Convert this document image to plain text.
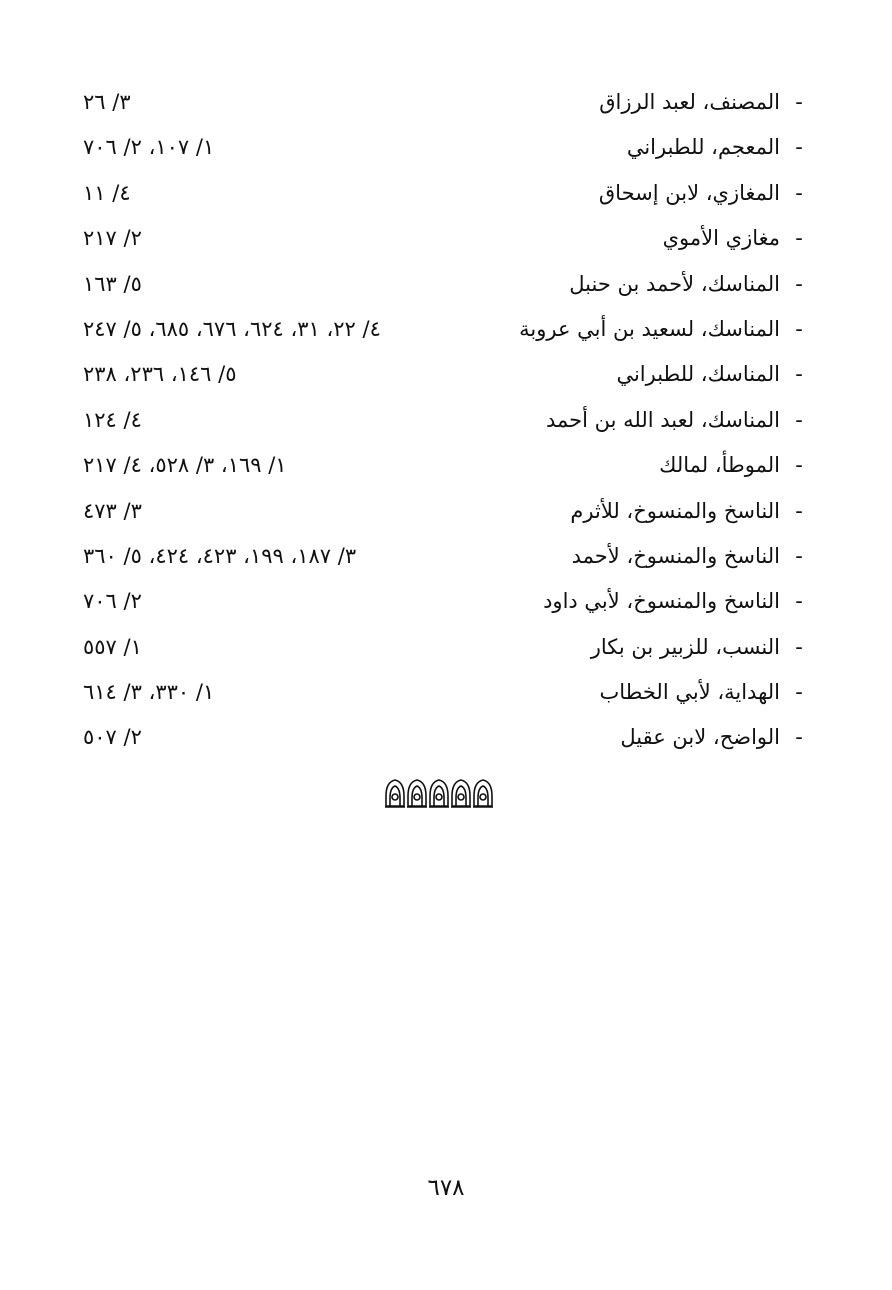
-
المصنف، لعبد الرزاق
٣/ ٢٦
-
المعجم، للطبراني
١/ ١٠٧، ٢/ ٧٠٦
-
المغازي، لابن إسحاق
٤/ ١١
-
مغازي الأموي
٢/ ٢١٧
-
المناسك، لأحمد بن حنبل
٥/ ١٦٣
-
المناسك، لسعيد بن أبي عروبة
٤/ ٢٢، ٣١، ٦٢٤، ٦٧٦، ٦٨٥، ٥/ ٢٤٧
-
المناسك، للطبراني
٥/ ١٤٦، ٢٣٦، ٢٣٨
-
المناسك، لعبد الله بن أحمد
٤/ ١٢٤
-
الموطأ، لمالك
١/ ١٦٩، ٣/ ٥٢٨، ٤/ ٢١٧
-
الناسخ والمنسوخ، للأثرم
٣/ ٤٧٣
-
الناسخ والمنسوخ، لأحمد
٣/ ١٨٧، ١٩٩، ٤٢٣، ٤٢٤، ٥/ ٣٦٠
-
الناسخ والمنسوخ، لأبي داود
٢/ ٧٠٦
-
النسب، للزبير بن بكار
١/ ٥٥٧
-
الهداية، لأبي الخطاب
١/ ٣٣٠، ٣/ ٦١٤
-
الواضح، لابن عقيل
٢/ ٥٠٧
٦٧٨
